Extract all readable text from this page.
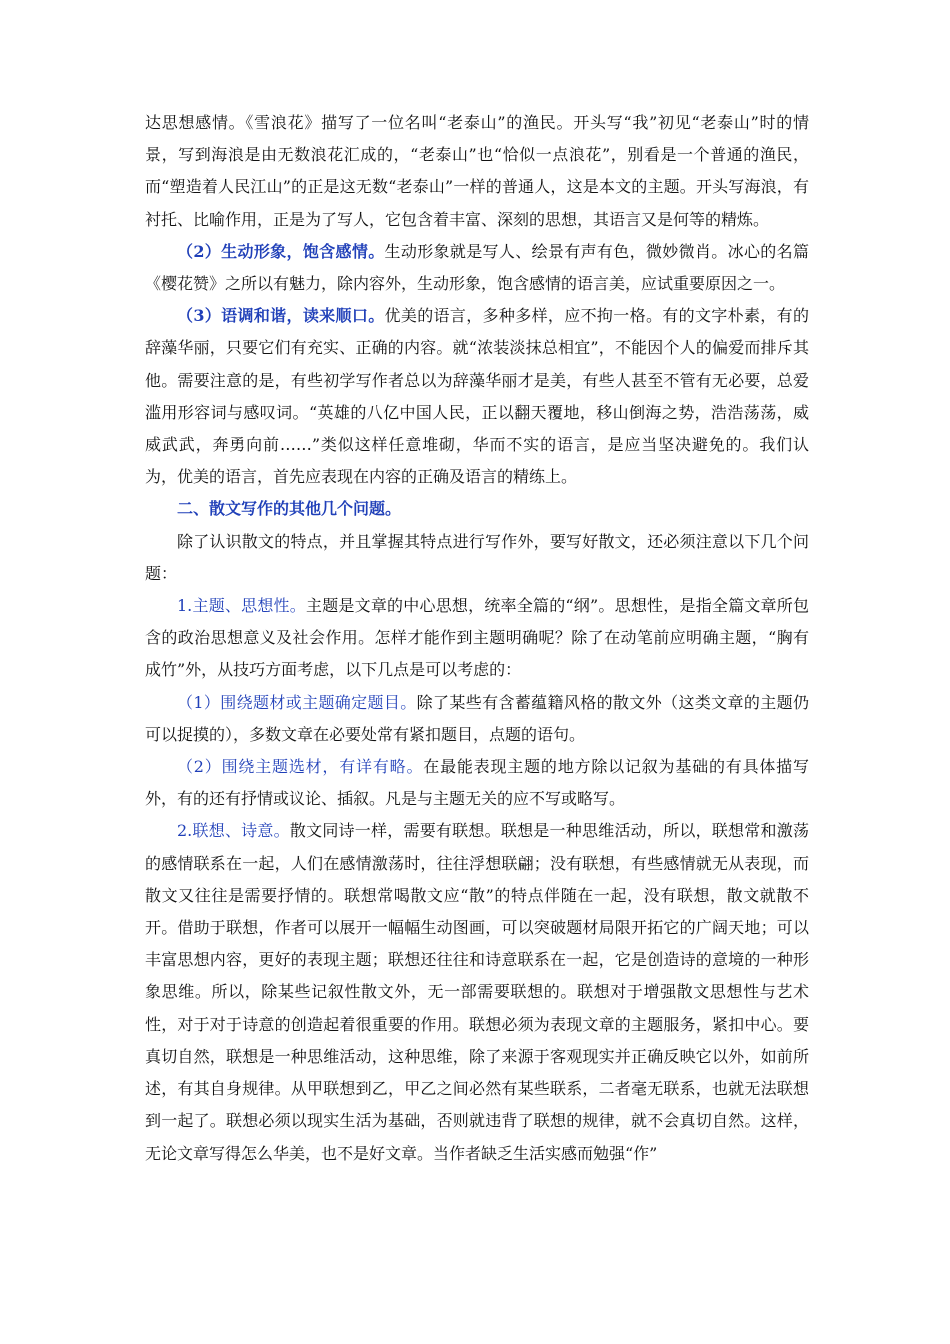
达思想感情。《雪浪花》描写了一位名叫“老泰山”的渔民。开头写“我”初见“老泰山”时的情景，写到海浪是由无数浪花汇成的，“老泰山”也“恰似一点浪花”，别看是一个普通的渔民，而“塑造着人民江山”的正是这无数“老泰山”一样的普通人，这是本文的主题。开头写海浪，有衬托、比喻作用，正是为了写人，它包含着丰富、深刻的思想，其语言又是何等的精炼。

（2）生动形象，饱含感情。生动形象就是写人、绘景有声有色，微妙微肖。冰心的名篇《樱花赞》之所以有魅力，除内容外，生动形象，饱含感情的语言美，应试重要原因之一。

（3）语调和谐，读来顺口。优美的语言，多种多样，应不拘一格。有的文字朴素，有的辞藻华丽，只要它们有充实、正确的内容。就“浓装淡抹总相宜”，不能因个人的偏爱而排斥其他。需要注意的是，有些初学写作者总以为辞藻华丽才是美，有些人甚至不管有无必要，总爱滥用形容词与感叹词。“英雄的八亿中国人民，正以翻天覆地，移山倒海之势，浩浩荡荡，威威武武，奔勇向前……”类似这样任意堆砌，华而不实的语言，是应当坚决避免的。我们认为，优美的语言，首先应表现在内容的正确及语言的精练上。

二、散文写作的其他几个问题。

除了认识散文的特点，并且掌握其特点进行写作外，要写好散文，还必须注意以下几个问题：

1.主题、思想性。主题是文章的中心思想，统率全篇的“纲”。思想性，是指全篇文章所包含的政治思想意义及社会作用。怎样才能作到主题明确呢？除了在动笔前应明确主题，“胸有成竹”外，从技巧方面考虑，以下几点是可以考虑的：

（1）围绕题材或主题确定题目。除了某些有含蓄蕴籍风格的散文外（这类文章的主题仍可以捉摸的），多数文章在必要处常有紧扣题目，点题的语句。

（2）围绕主题选材，有详有略。在最能表现主题的地方除以记叙为基础的有具体描写外，有的还有抒情或议论、插叙。凡是与主题无关的应不写或略写。

2.联想、诗意。散文同诗一样，需要有联想。联想是一种思维活动，所以，联想常和激荡的感情联系在一起，人们在感情激荡时，往往浮想联翩；没有联想，有些感情就无从表现，而散文又往往是需要抒情的。联想常喝散文应“散”的特点伴随在一起，没有联想，散文就散不开。借助于联想，作者可以展开一幅幅生动图画，可以突破题材局限开拓它的广阔天地；可以丰富思想内容，更好的表现主题；联想还往往和诗意联系在一起，它是创造诗的意境的一种形象思维。所以，除某些记叙性散文外，无一部需要联想的。联想对于增强散文思想性与艺术性，对于对于诗意的创造起着很重要的作用。联想必须为表现文章的主题服务，紧扣中心。要真切自然，联想是一种思维活动，这种思维，除了来源于客观现实并正确反映它以外，如前所述，有其自身规律。从甲联想到乙，甲乙之间必然有某些联系，二者毫无联系，也就无法联想到一起了。联想必须以现实生活为基础，否则就违背了联想的规律，就不会真切自然。这样，无论文章写得怎么华美，也不是好文章。当作者缺乏生活实感而勉强“作”
